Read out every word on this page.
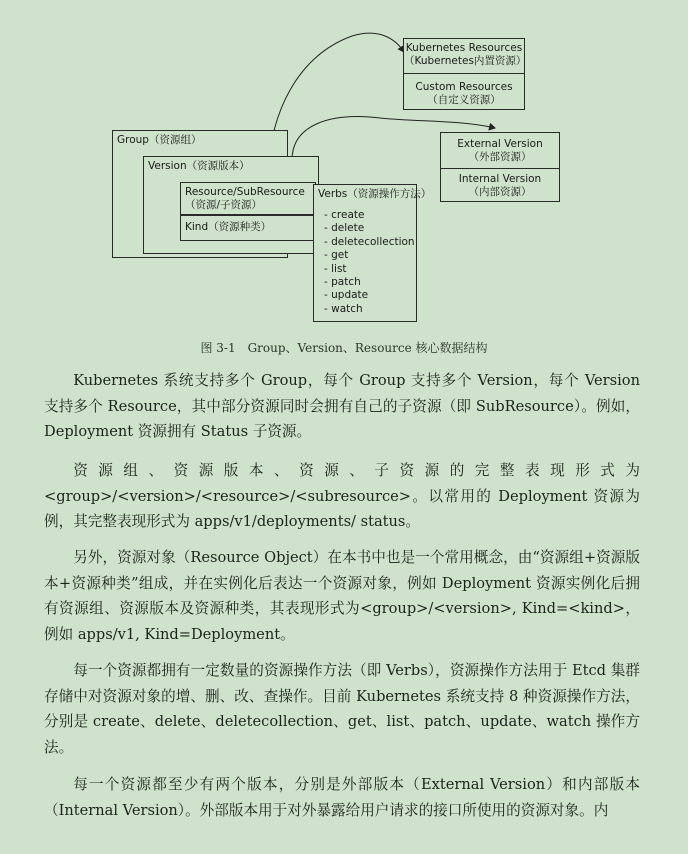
Kubernetes Resources
（Kubernetes内置资源）
Custom Resources
（自定义资源）
External Version
（外部资源）
Internal Version
（内部资源）
Group（资源组）
Version（资源版本）
Resource/SubResource
（资源/子资源）
Kind（资源种类）
Verbs（资源操作方法）
- create
- delete
- deletecollection
- get
- list
- patch
- update
- watch
图 3-1　Group、Version、Resource 核心数据结构

Kubernetes 系统支持多个 Group，每个 Group 支持多个 Version，每个 Version 支持多个 Resource，其中部分资源同时会拥有自己的子资源（即 SubResource）。例如，Deployment 资源拥有 Status 子资源。

资源组、资源版本、资源、子资源的完整表现形式为<group>/<version>/<resource>/<subresource>。以常用的 Deployment 资源为例，其完整表现形式为 apps/v1/deployments/ status。

另外，资源对象（Resource Object）在本书中也是一个常用概念，由“资源组+资源版本+资源种类”组成，并在实例化后表达一个资源对象，例如 Deployment 资源实例化后拥有资源组、资源版本及资源种类，其表现形式为<group>/<version>, Kind=<kind>，例如 apps/v1, Kind=Deployment。

每一个资源都拥有一定数量的资源操作方法（即 Verbs），资源操作方法用于 Etcd 集群存储中对资源对象的增、删、改、查操作。目前 Kubernetes 系统支持 8 种资源操作方法，分别是 create、delete、deletecollection、get、list、patch、update、watch 操作方法。

每一个资源都至少有两个版本，分别是外部版本（External Version）和内部版本（Internal Version）。外部版本用于对外暴露给用户请求的接口所使用的资源对象。内
